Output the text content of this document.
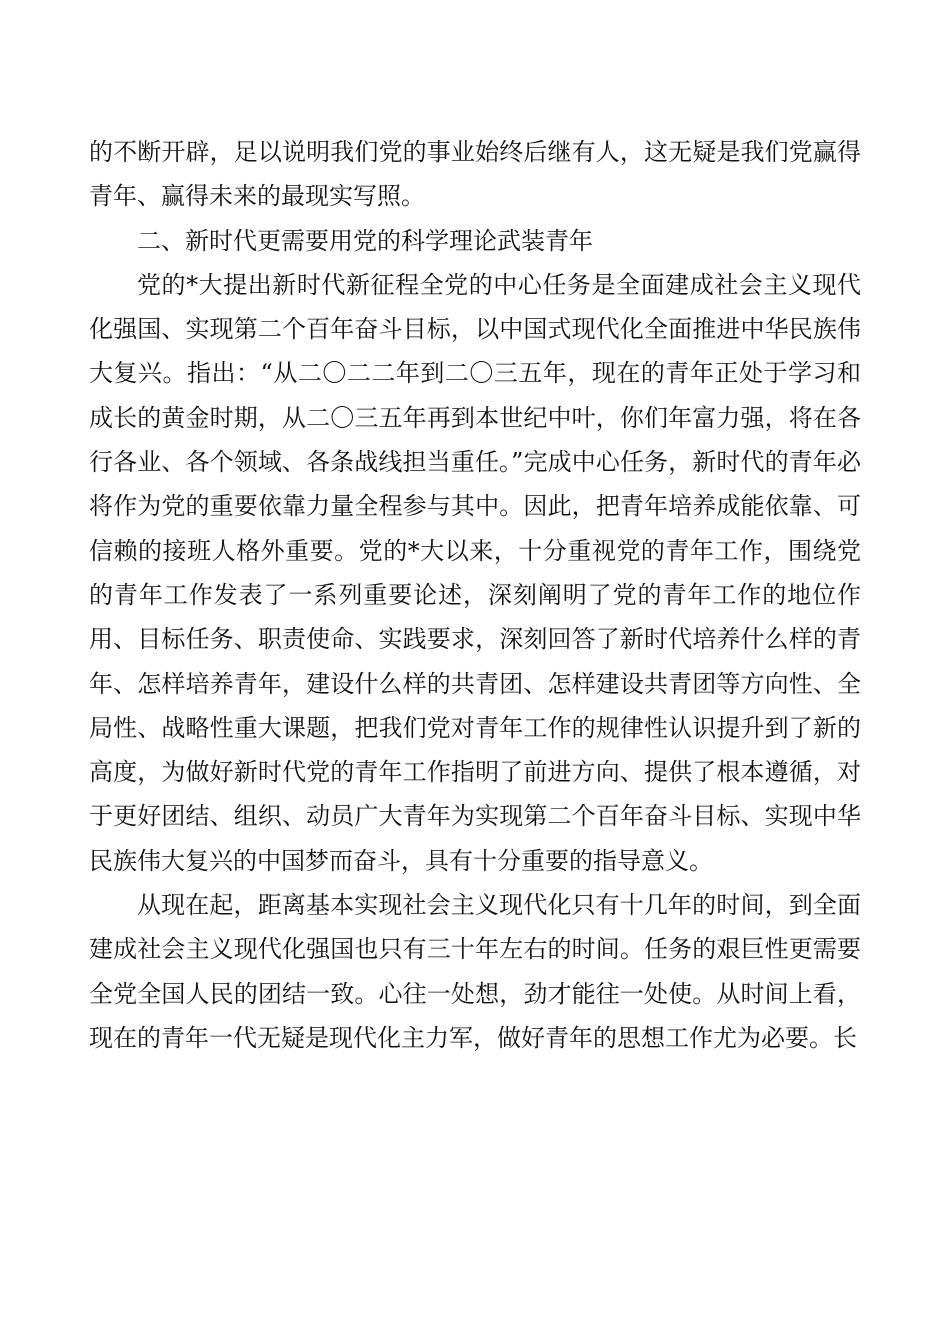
的不断开辟，足以说明我们党的事业始终后继有人，这无疑是我们党赢得青年、赢得未来的最现实写照。

二、新时代更需要用党的科学理论武装青年

党的*大提出新时代新征程全党的中心任务是全面建成社会主义现代化强国、实现第二个百年奋斗目标，以中国式现代化全面推进中华民族伟大复兴。指出：“从二〇二二年到二〇三五年，现在的青年正处于学习和成长的黄金时期，从二〇三五年再到本世纪中叶，你们年富力强，将在各行各业、各个领域、各条战线担当重任。”完成中心任务，新时代的青年必将作为党的重要依靠力量全程参与其中。因此，把青年培养成能依靠、可信赖的接班人格外重要。党的*大以来，十分重视党的青年工作，围绕党的青年工作发表了一系列重要论述，深刻阐明了党的青年工作的地位作用、目标任务、职责使命、实践要求，深刻回答了新时代培养什么样的青年、怎样培养青年，建设什么样的共青团、怎样建设共青团等方向性、全局性、战略性重大课题，把我们党对青年工作的规律性认识提升到了新的高度，为做好新时代党的青年工作指明了前进方向、提供了根本遵循，对于更好团结、组织、动员广大青年为实现第二个百年奋斗目标、实现中华民族伟大复兴的中国梦而奋斗，具有十分重要的指导意义。

从现在起，距离基本实现社会主义现代化只有十几年的时间，到全面建成社会主义现代化强国也只有三十年左右的时间。任务的艰巨性更需要全党全国人民的团结一致。心往一处想，劲才能往一处使。从时间上看，现在的青年一代无疑是现代化主力军，做好青年的思想工作尤为必要。长
